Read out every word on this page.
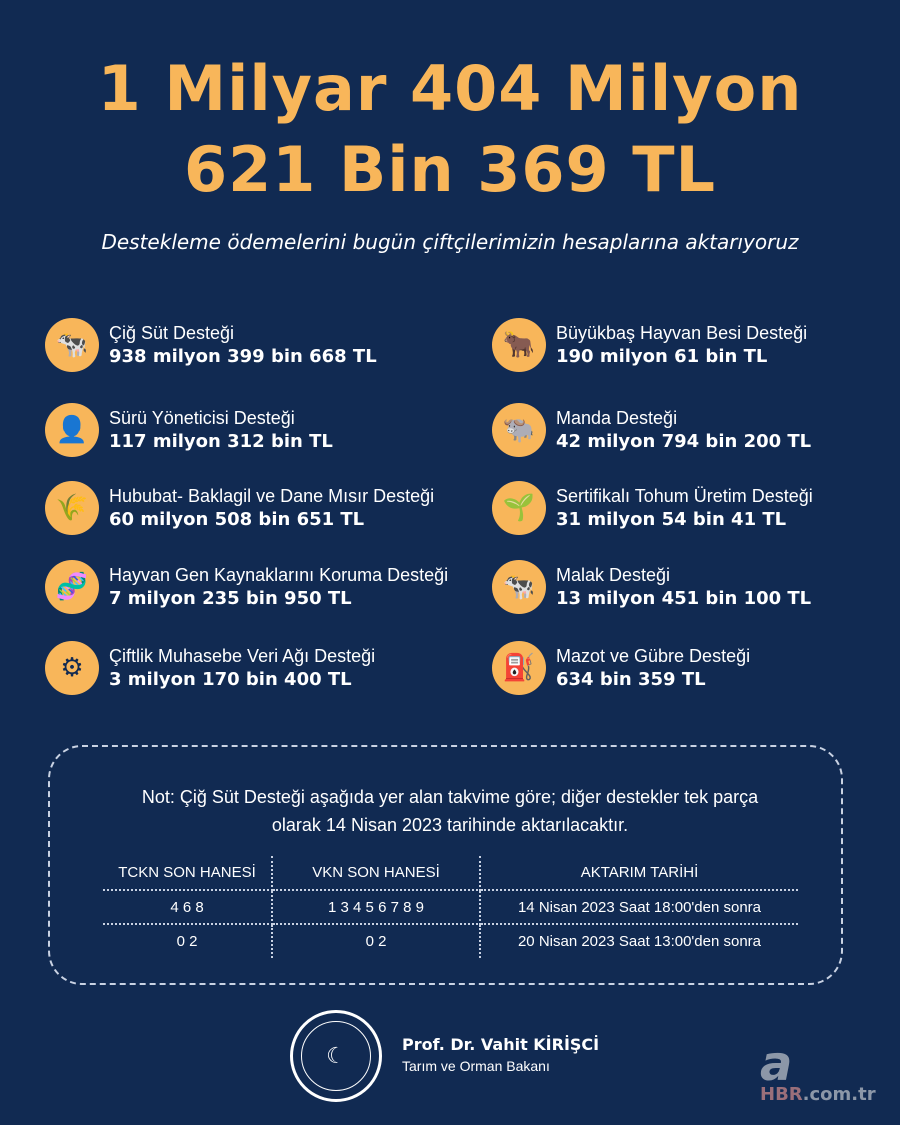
1 Milyar 404 Milyon
621 Bin 369 TL
Destekleme ödemelerini bugün çiftçilerimizin hesaplarına aktarıyoruz
🐄	Çiğ Süt Desteği
938 milyon 399 bin 668 TL
👤	Sürü Yöneticisi Desteği
117 milyon 312 bin TL
🌾	Hububat- Baklagil ve Dane Mısır Desteği
60 milyon 508 bin 651 TL
🧬	Hayvan Gen Kaynaklarını Koruma Desteği
7 milyon 235 bin 950 TL
⚙	Çiftlik Muhasebe Veri Ağı Desteği
3 milyon 170 bin 400 TL
🐂	Büyükbaş Hayvan Besi Desteği
190 milyon 61 bin TL
🐃	Manda Desteği
42 milyon 794 bin 200 TL
🌱	Sertifikalı Tohum Üretim Desteği
31 milyon 54 bin 41 TL
🐄	Malak Desteği
13 milyon 451 bin 100 TL
⛽	Mazot ve Gübre Desteği
634 bin 359 TL
Not: Çiğ Süt Desteği aşağıda yer alan takvime göre; diğer destekler tek parça
olarak 14 Nisan 2023 tarihinde aktarılacaktır.
TCKN SON HANESİ	VKN SON HANESİ	AKTARIM TARİHİ
4 6 8	1 3 4 5 6 7 8 9	14 Nisan 2023 Saat 18:00'den sonra
0 2	0 2	20 Nisan 2023 Saat 13:00'den sonra
☾	Prof. Dr. Vahit KİRİŞCİ
Tarım ve Orman Bakanı	a
HBR.com.tr
